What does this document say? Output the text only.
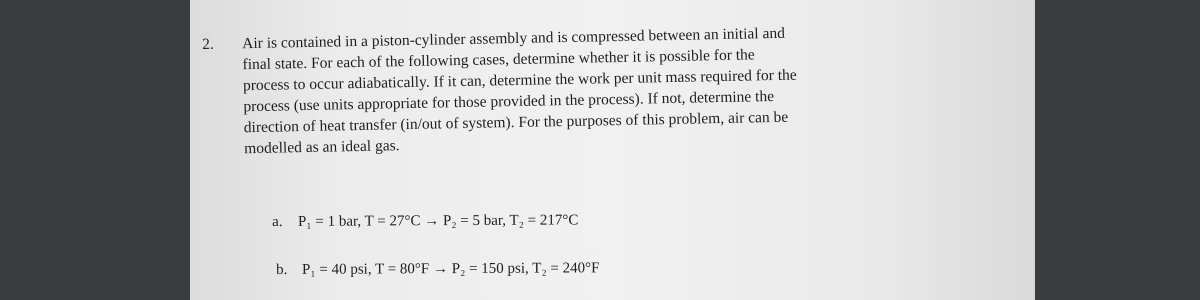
2.	Air is contained in a piston-cylinder assembly and is compressed between an initial and
final state. For each of the following cases, determine whether it is possible for the
process to occur adiabatically. If it can, determine the work per unit mass required for the
process (use units appropriate for those provided in the process). If not, determine the
direction of heat transfer (in/out of system). For the purposes of this problem, air can be
modelled as an ideal gas.
a. P₁ = 1 bar, T = 27°C → P₂ = 5 bar, T₂ = 217°C
b. P₁ = 40 psi, T = 80°F → P₂ = 150 psi, T₂ = 240°F
